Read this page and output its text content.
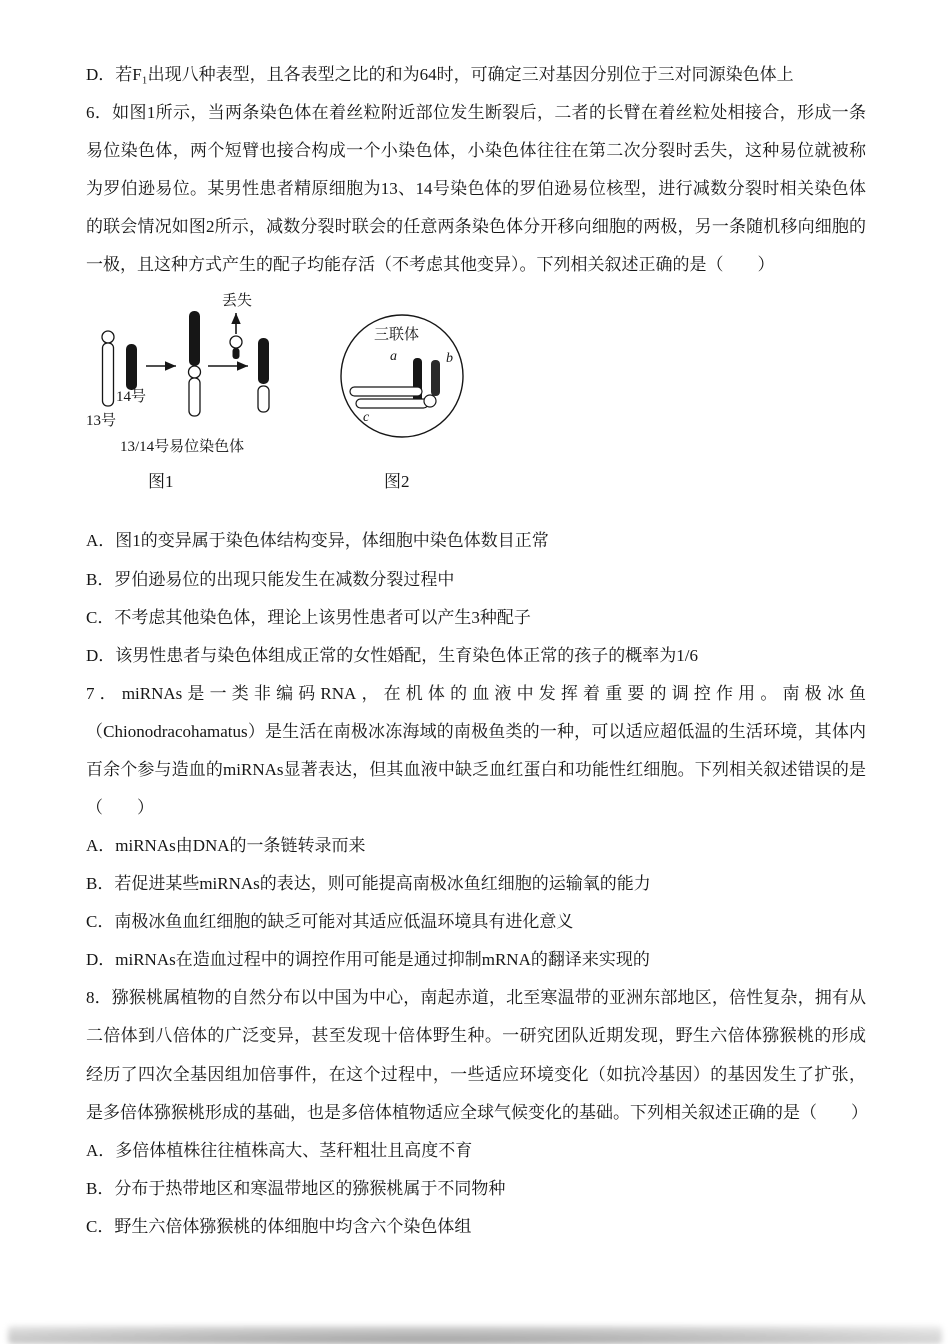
D．若F₁出现八种表型，且各表型之比的和为64时，可确定三对基因分别位于三对同源染色体上

6．如图1所示，当两条染色体在着丝粒附近部位发生断裂后，二者的长臂在着丝粒处相接合，形成一条易位染色体，两个短臂也接合构成一个小染色体，小染色体往往在第二次分裂时丢失，这种易位就被称为罗伯逊易位。某男性患者精原细胞为13、14号染色体的罗伯逊易位核型，进行减数分裂时相关染色体的联会情况如图2所示，减数分裂时联会的任意两条染色体分开移向细胞的两极，另一条随机移向细胞的一极，且这种方式产生的配子均能存活（不考虑其他变异）。下列相关叙述正确的是（　　）

丢失
14号
13号
13/14号易位染色体
图1
三联体
a	b
c
图2

A．图1的变异属于染色体结构变异，体细胞中染色体数目正常

B．罗伯逊易位的出现只能发生在减数分裂过程中

C．不考虑其他染色体，理论上该男性患者可以产生3种配子

D．该男性患者与染色体组成正常的女性婚配，生育染色体正常的孩子的概率为1/6

7．miRNAs是一类非编码RNA，在机体的血液中发挥着重要的调控作用。南极冰鱼（Chionodracohamatus）是生活在南极冰冻海域的南极鱼类的一种，可以适应超低温的生活环境，其体内百余个参与造血的miRNAs显著表达，但其血液中缺乏血红蛋白和功能性红细胞。下列相关叙述错误的是（　　）

A．miRNAs由DNA的一条链转录而来

B．若促进某些miRNAs的表达，则可能提高南极冰鱼红细胞的运输氧的能力

C．南极冰鱼血红细胞的缺乏可能对其适应低温环境具有进化意义

D．miRNAs在造血过程中的调控作用可能是通过抑制mRNA的翻译来实现的

8．猕猴桃属植物的自然分布以中国为中心，南起赤道，北至寒温带的亚洲东部地区，倍性复杂，拥有从二倍体到八倍体的广泛变异，甚至发现十倍体野生种。一研究团队近期发现，野生六倍体猕猴桃的形成经历了四次全基因组加倍事件，在这个过程中，一些适应环境变化（如抗冷基因）的基因发生了扩张，是多倍体猕猴桃形成的基础，也是多倍体植物适应全球气候变化的基础。下列相关叙述正确的是（　　）

A．多倍体植株往往植株高大、茎秆粗壮且高度不育

B．分布于热带地区和寒温带地区的猕猴桃属于不同物种

C．野生六倍体猕猴桃的体细胞中均含六个染色体组
